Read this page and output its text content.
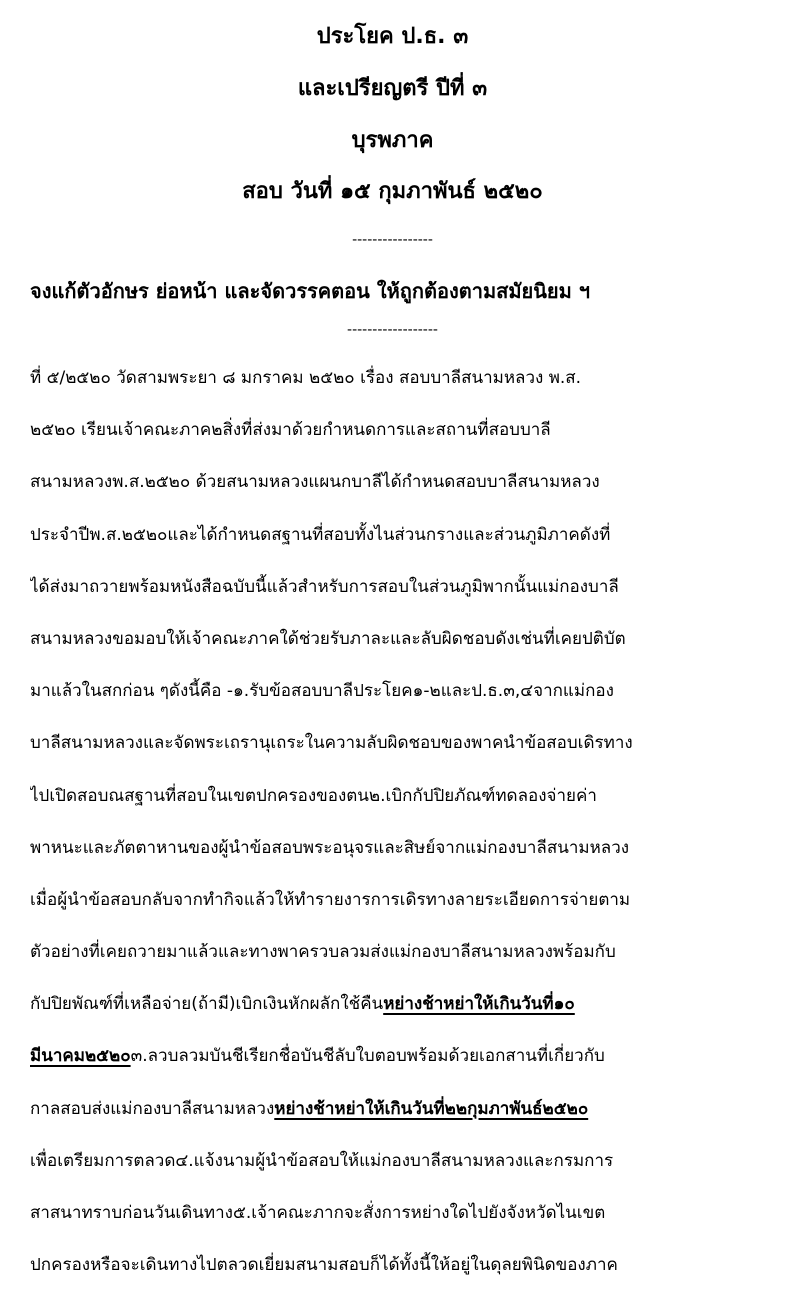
ประโยค ป.ธ. ๓
และเปรียญตรี ปีที่ ๓
บุรพภาค
สอบ วันที่ ๑๕ กุมภาพันธ์ ๒๕๒๐
----------------
จงแก้ตัวอักษร ย่อหน้า และจัดวรรคตอน ให้ถูกต้องตามสมัยนิยม ฯ
------------------
ที่ ๕/๒๕๒๐ วัดสามพระยา ๘ มกราคม ๒๕๒๐ เรื่อง สอบบาลีสนามหลวง พ.ส.
๒๕๒๐ เรียนเจ้าคณะภาค๒สิ่งที่ส่งมาด้วยกำหนดการและสถานที่สอบบาลี
สนามหลวงพ.ส.๒๕๒๐ ด้วยสนามหลวงแผนกบาลีได้กำหนดสอบบาลีสนามหลวง
ประจำปีพ.ส.๒๕๒๐และได้กำหนดสฐานที่สอบทั้งไนส่วนกรางและส่วนภูมิภาคดังที่
ได้ส่งมาถวายพร้อมหนังสือฉบับนี้แล้วสำหรับการสอบในส่วนภูมิพากนั้นแม่กองบาลี
สนามหลวงขอมอบให้เจ้าคณะภาคใด้ช่วยรับภาละและลับผิดชอบดังเช่นที่เคยปติบัต
มาแล้วในสกก่อน ๆดังนี้คือ -๑.รับข้อสอบบาลีประโยค๑-๒และป.ธ.๓,๔จากแม่กอง
บาลีสนามหลวงและจัดพระเถรานุเถระในความลับผิดชอบของพาคนำข้อสอบเดิรทาง
ไปเปิดสอบณสฐานที่สอบในเขตปกครองของตน๒.เบิกกัปปิยภัณฑ์ทดลองจ่ายค่า
พาหนะและภัตตาหานของผู้นำข้อสอบพระอนุจรและสิษย์จากแม่กองบาลีสนามหลวง
เมื่อผู้นำข้อสอบกลับจากทำกิจแล้วให้ทำรายงารการเดิรทางลายระเอียดการจ่ายตาม
ตัวอย่างที่เคยถวายมาแล้วและทางพาครวบลวมส่งแม่กองบาลีสนามหลวงพร้อมกับ
กัปปิยพัณฑ์ที่เหลือจ่าย(ถ้ามี)เบิกเงินหักผลักใช้คืนหย่างช้าหย่าให้เกินวันที่๑๐
มีนาคม๒๕๒๐๓.ลวบลวมบันชีเรียกชื่อบันชีลับใบตอบพร้อมด้วยเอกสานที่เกี่ยวกับ
กาลสอบส่งแม่กองบาลีสนามหลวงหย่างช้าหย่าให้เกินวันที่๒๒กุมภาพันธ์๒๕๒๐
เพื่อเตรียมการตลวด๔.แจ้งนามผู้นำข้อสอบให้แม่กองบาลีสนามหลวงและกรมการ
สาสนาทราบก่อนวันเดินทาง๕.เจ้าคณะภากจะสั่งการหย่างใดไปยังจังหวัดไนเขต
ปกครองหรือจะเดินทางไปตลวดเยี่ยมสนามสอบก็ได้ทั้งนี้ให้อยู่ในดุลยพินิดของภาค
